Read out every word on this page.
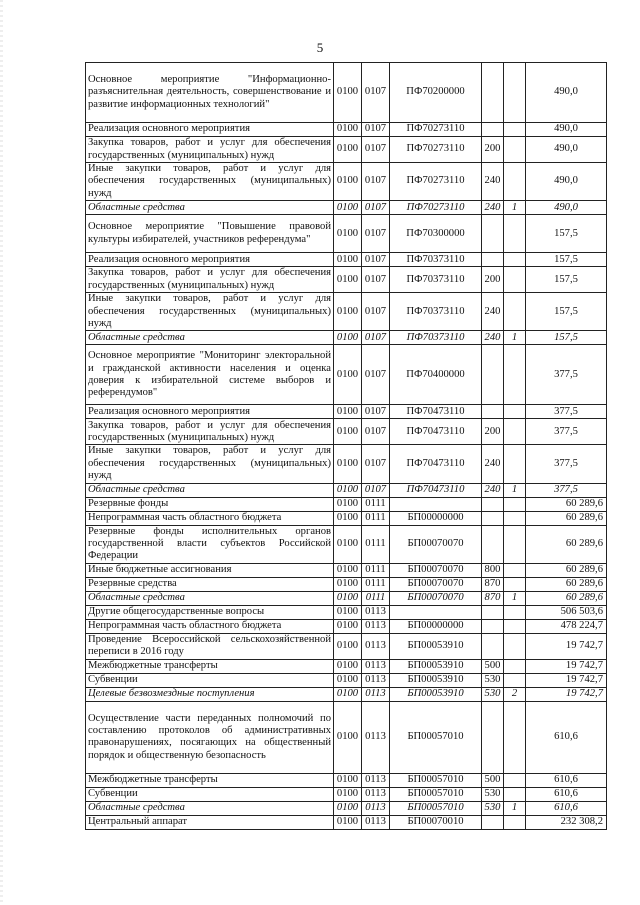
5
Основное мероприятие "Информационно-разъяснительная деятельность, совершенствование и развитие информационных технологий"	0100	0107	ПФ70200000			490,0
Реализация основного мероприятия	0100	0107	ПФ70273110			490,0
Закупка товаров, работ и услуг для обеспечения государственных (муниципальных) нужд	0100	0107	ПФ70273110	200		490,0
Иные закупки товаров, работ и услуг для обеспечения государственных (муниципальных) нужд	0100	0107	ПФ70273110	240		490,0
Областные средства	0100	0107	ПФ70273110	240	1	490,0
Основное мероприятие "Повышение правовой культуры избирателей, участников референдума"	0100	0107	ПФ70300000			157,5
Реализация основного мероприятия	0100	0107	ПФ70373110			157,5
Закупка товаров, работ и услуг для обеспечения государственных (муниципальных) нужд	0100	0107	ПФ70373110	200		157,5
Иные закупки товаров, работ и услуг для обеспечения государственных (муниципальных) нужд	0100	0107	ПФ70373110	240		157,5
Областные средства	0100	0107	ПФ70373110	240	1	157,5
Основное мероприятие "Мониторинг электоральной и гражданской активности населения и оценка доверия к избирательной системе выборов и референдумов"	0100	0107	ПФ70400000			377,5
Реализация основного мероприятия	0100	0107	ПФ70473110			377,5
Закупка товаров, работ и услуг для обеспечения государственных (муниципальных) нужд	0100	0107	ПФ70473110	200		377,5
Иные закупки товаров, работ и услуг для обеспечения государственных (муниципальных) нужд	0100	0107	ПФ70473110	240		377,5
Областные средства	0100	0107	ПФ70473110	240	1	377,5
Резервные фонды	0100	0111				60 289,6
Непрограммная часть областного бюджета	0100	0111	БП00000000			60 289,6
Резервные фонды исполнительных органов государственной власти субъектов Российской Федерации	0100	0111	БП00070070			60 289,6
Иные бюджетные ассигнования	0100	0111	БП00070070	800		60 289,6
Резервные средства	0100	0111	БП00070070	870		60 289,6
Областные средства	0100	0111	БП00070070	870	1	60 289,6
Другие общегосударственные вопросы	0100	0113				506 503,6
Непрограммная часть областного бюджета	0100	0113	БП00000000			478 224,7
Проведение Всероссийской сельскохозяйственной переписи в 2016 году	0100	0113	БП00053910			19 742,7
Межбюджетные трансферты	0100	0113	БП00053910	500		19 742,7
Субвенции	0100	0113	БП00053910	530		19 742,7
Целевые безвозмездные поступления	0100	0113	БП00053910	530	2	19 742,7
Осуществление части переданных полномочий по составлению протоколов об административных правонарушениях, посягающих на общественный порядок и общественную безопасность	0100	0113	БП00057010			610,6
Межбюджетные трансферты	0100	0113	БП00057010	500		610,6
Субвенции	0100	0113	БП00057010	530		610,6
Областные средства	0100	0113	БП00057010	530	1	610,6
Центральный аппарат	0100	0113	БП00070010			232 308,2
